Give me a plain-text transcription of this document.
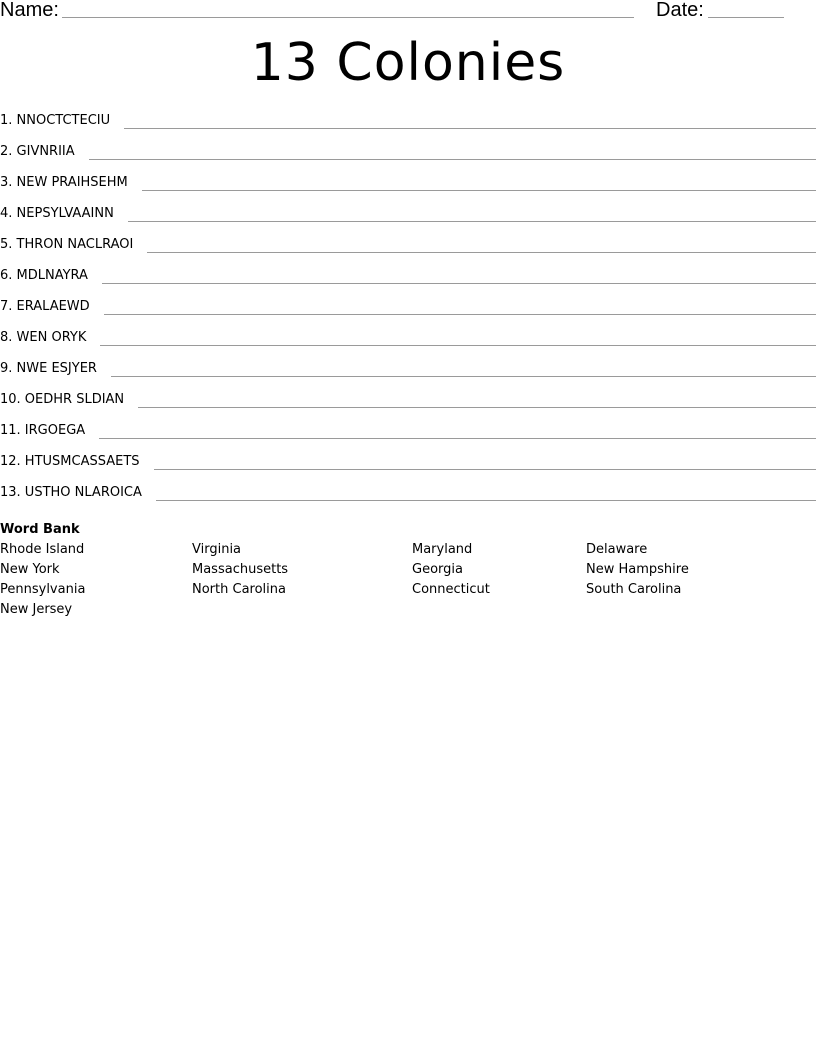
Name:	Date:
13 Colonies
1. NNOCTCTECIU
2. GIVNRIIA
3. NEW PRAIHSEHM
4. NEPSYLVAAINN
5. THRON NACLRAOI
6. MDLNAYRA
7. ERALAEWD
8. WEN ORYK
9. NWE ESJYER
10. OEDHR SLDIAN
11. IRGOEGA
12. HTUSMCASSAETS
13. USTHO NLAROICA
Word Bank
Rhode Island
New York
Pennsylvania
New Jersey
Virginia
Massachusetts
North Carolina
Maryland
Georgia
Connecticut
Delaware
New Hampshire
South Carolina
